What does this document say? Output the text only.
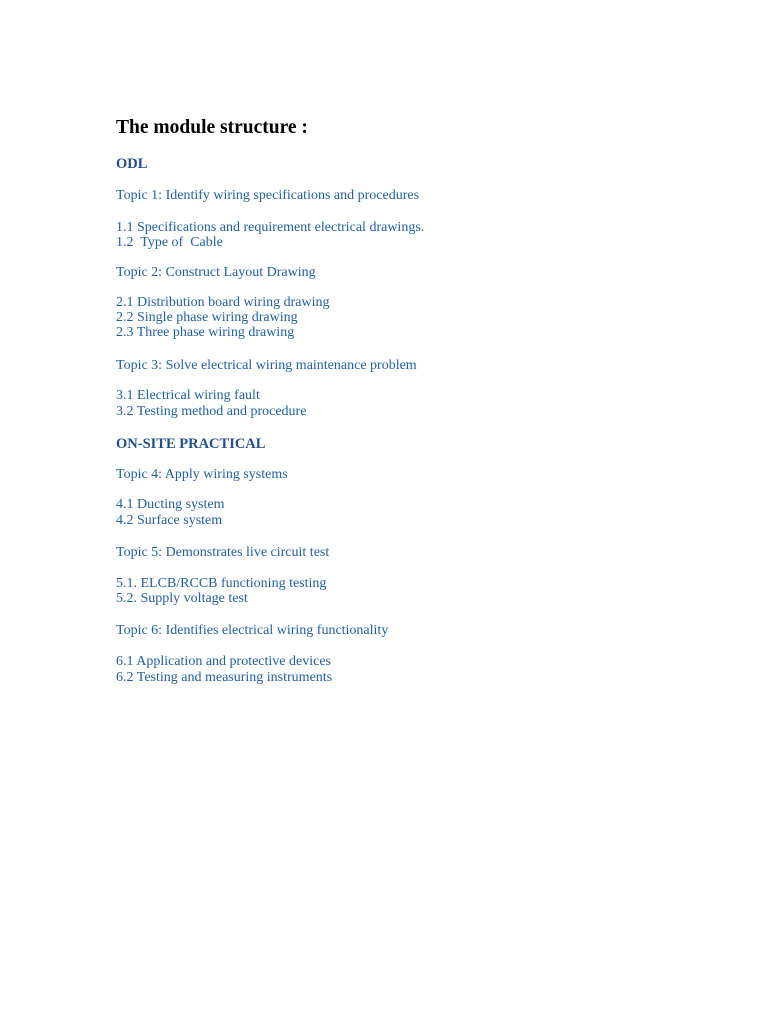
The module structure :
ODL
Topic 1: Identify wiring specifications and procedures
1.1 Specifications and requirement electrical drawings.
1.2  Type of  Cable
Topic 2: Construct Layout Drawing
2.1 Distribution board wiring drawing
2.2 Single phase wiring drawing
2.3 Three phase wiring drawing
Topic 3: Solve electrical wiring maintenance problem
3.1 Electrical wiring fault
3.2 Testing method and procedure
ON-SITE PRACTICAL
Topic 4: Apply wiring systems
4.1 Ducting system
4.2 Surface system
Topic 5: Demonstrates live circuit test
5.1. ELCB/RCCB functioning testing
5.2. Supply voltage test
Topic 6: Identifies electrical wiring functionality
6.1 Application and protective devices
6.2 Testing and measuring instruments
